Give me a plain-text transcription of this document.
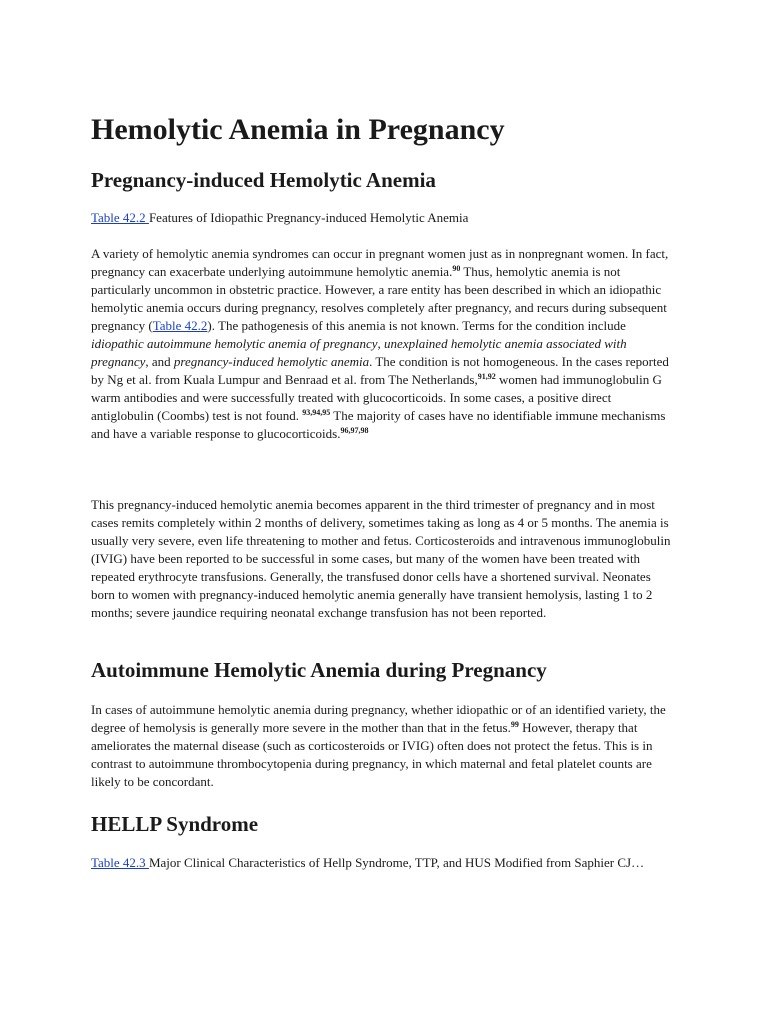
Hemolytic Anemia in Pregnancy
Pregnancy-induced Hemolytic Anemia

Table 42.2 Features of Idiopathic Pregnancy-induced Hemolytic Anemia

A variety of hemolytic anemia syndromes can occur in pregnant women just as in nonpregnant women. In fact, pregnancy can exacerbate underlying autoimmune hemolytic anemia.$^{90}$ Thus, hemolytic anemia is not particularly uncommon in obstetric practice. However, a rare entity has been described in which an idiopathic hemolytic anemia occurs during pregnancy, resolves completely after pregnancy, and recurs during subsequent pregnancy (Table 42.2). The pathogenesis of this anemia is not known. Terms for the condition include idiopathic autoimmune hemolytic anemia of pregnancy, unexplained hemolytic anemia associated with pregnancy, and pregnancy-induced hemolytic anemia. The condition is not homogeneous. In the cases reported by Ng et al. from Kuala Lumpur and Benraad et al. from The Netherlands,$^{91,92}$ women had immunoglobulin G warm antibodies and were successfully treated with glucocorticoids. In some cases, a positive direct antiglobulin (Coombs) test is not found. $^{93,94,95}$ The majority of cases have no identifiable immune mechanisms and have a variable response to glucocorticoids.$^{96,97,98}$

This pregnancy-induced hemolytic anemia becomes apparent in the third trimester of pregnancy and in most cases remits completely within 2 months of delivery, sometimes taking as long as 4 or 5 months. The anemia is usually very severe, even life threatening to mother and fetus. Corticosteroids and intravenous immunoglobulin (IVIG) have been reported to be successful in some cases, but many of the women have been treated with repeated erythrocyte transfusions. Generally, the transfused donor cells have a shortened survival. Neonates born to women with pregnancy-induced hemolytic anemia generally have transient hemolysis, lasting 1 to 2 months; severe jaundice requiring neonatal exchange transfusion has not been reported.

Autoimmune Hemolytic Anemia during Pregnancy

In cases of autoimmune hemolytic anemia during pregnancy, whether idiopathic or of an identified variety, the degree of hemolysis is generally more severe in the mother than that in the fetus.$^{99}$ However, therapy that ameliorates the maternal disease (such as corticosteroids or IVIG) often does not protect the fetus. This is in contrast to autoimmune thrombocytopenia during pregnancy, in which maternal and fetal platelet counts are likely to be concordant.

HELLP Syndrome

Table 42.3 Major Clinical Characteristics of Hellp Syndrome, TTP, and HUS Modified from Saphier CJ…
